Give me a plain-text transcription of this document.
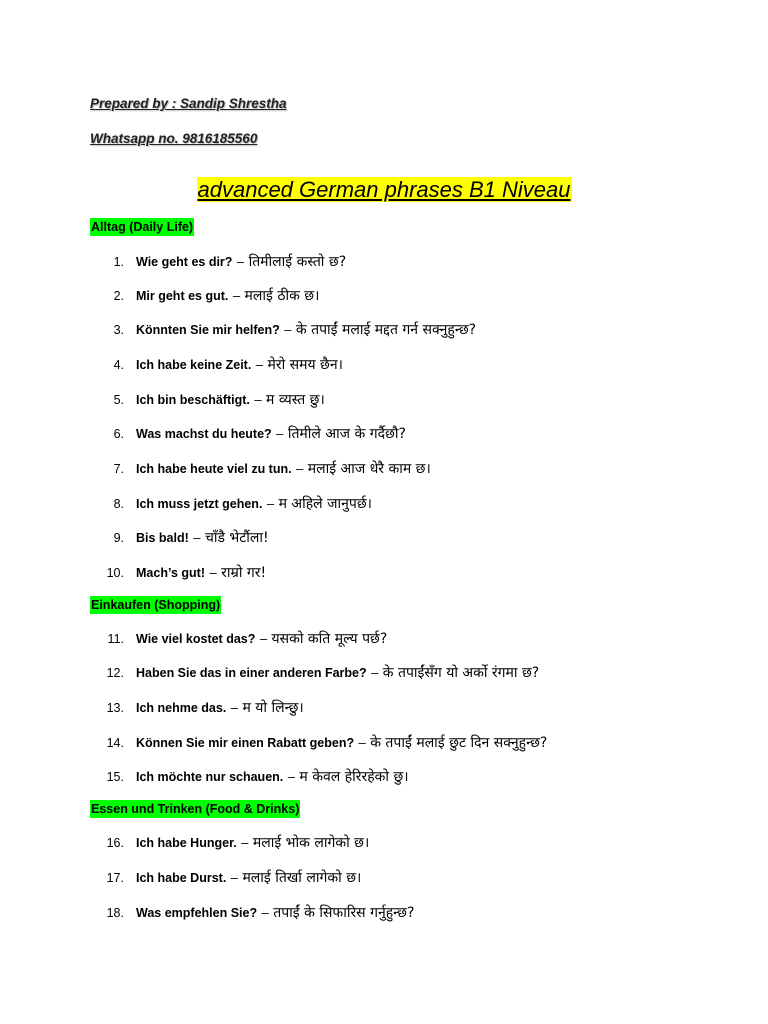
Prepared by : Sandip Shrestha
Whatsapp no. 9816185560
advanced German phrases B1 Niveau
Alltag (Daily Life)
1. Wie geht es dir? – तिमीलाई कस्तो छ?
2. Mir geht es gut. – मलाई ठीक छ।
3. Könnten Sie mir helfen? – के तपाईं मलाई मद्दत गर्न सक्नुहुन्छ?
4. Ich habe keine Zeit. – मेरो समय छैन।
5. Ich bin beschäftigt. – म व्यस्त छु।
6. Was machst du heute? – तिमीले आज के गर्दैछौ?
7. Ich habe heute viel zu tun. – मलाई आज धेरै काम छ।
8. Ich muss jetzt gehen. – म अहिले जानुपर्छ।
9. Bis bald! – चाँडै भेटौंला!
10. Mach’s gut! – राम्रो गर!
Einkaufen (Shopping)
11. Wie viel kostet das? – यसको कति मूल्य पर्छ?
12. Haben Sie das in einer anderen Farbe? – के तपाईंसँग यो अर्को रंगमा छ?
13. Ich nehme das. – म यो लिन्छु।
14. Können Sie mir einen Rabatt geben? – के तपाईं मलाई छुट दिन सक्नुहुन्छ?
15. Ich möchte nur schauen. – म केवल हेरिरहेको छु।
Essen und Trinken (Food & Drinks)
16. Ich habe Hunger. – मलाई भोक लागेको छ।
17. Ich habe Durst. – मलाई तिर्खा लागेको छ।
18. Was empfehlen Sie? – तपाईं के सिफारिस गर्नुहुन्छ?
